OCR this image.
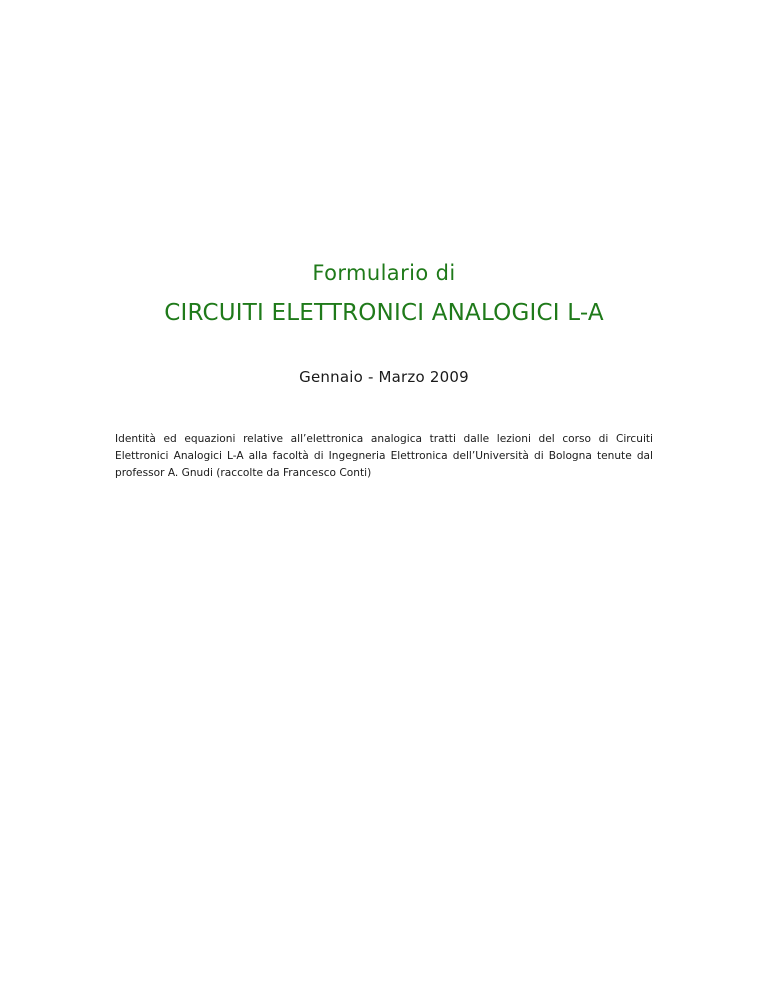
Formulario di
CIRCUITI ELETTRONICI ANALOGICI L-A
Gennaio - Marzo 2009
Identità ed equazioni relative all’elettronica analogica tratti dalle lezioni del corso di Circuiti Elettronici Analogici L-A alla facoltà di Ingegneria Elettronica dell’Università di Bologna tenute dal professor A. Gnudi (raccolte da Francesco Conti)
